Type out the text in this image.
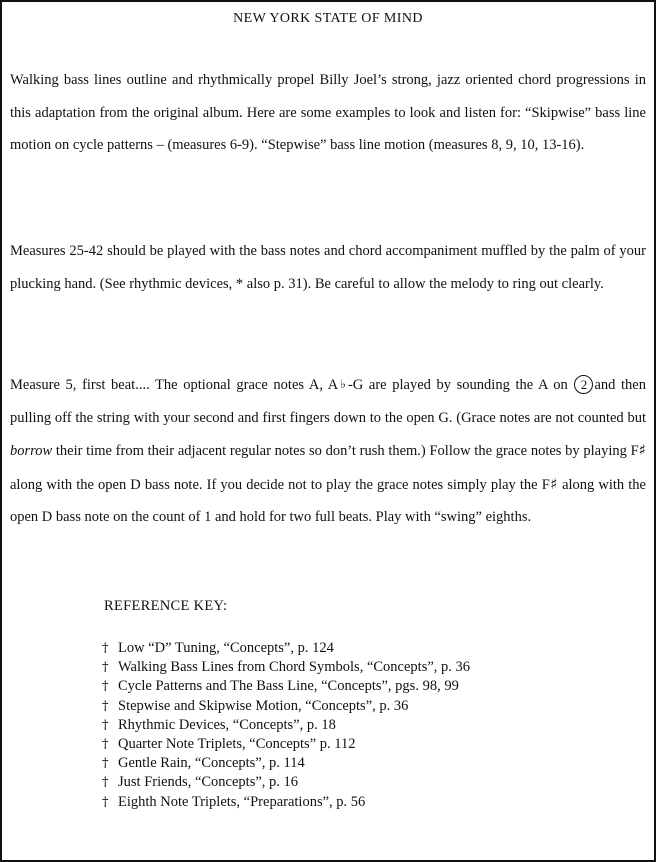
NEW YORK STATE OF MIND

Walking bass lines outline and rhythmically propel Billy Joel’s strong, jazz oriented chord progressions in this adaptation from the original album. Here are some examples to look and listen for: “Skipwise” bass line motion on cycle patterns – (measures 6-9). “Stepwise” bass line motion (measures 8, 9, 10, 13-16).

Measures 25-42 should be played with the bass notes and chord accompaniment muffled by the palm of your plucking hand. (See rhythmic devices, * also p. 31). Be careful to allow the melody to ring out clearly.

Measure 5, first beat.... The optional grace notes A, A♭-G are played by sounding the A on 2 and then pulling off the string with your second and first fingers down to the open G. (Grace notes are not counted but borrow their time from their adjacent regular notes so don’t rush them.) Follow the grace notes by playing F♯ along with the open D bass note. If you decide not to play the grace notes simply play the F♯ along with the open D bass note on the count of 1 and hold for two full beats. Play with “swing” eighths.

REFERENCE KEY:
† Low “D” Tuning, “Concepts”, p. 124
† Walking Bass Lines from Chord Symbols, “Concepts”, p. 36
† Cycle Patterns and The Bass Line, “Concepts”, pgs. 98, 99
† Stepwise and Skipwise Motion, “Concepts”, p. 36
† Rhythmic Devices, “Concepts”, p. 18
† Quarter Note Triplets, “Concepts” p. 112
† Gentle Rain, “Concepts”, p. 114
† Just Friends, “Concepts”, p. 16
† Eighth Note Triplets, “Preparations”, p. 56
